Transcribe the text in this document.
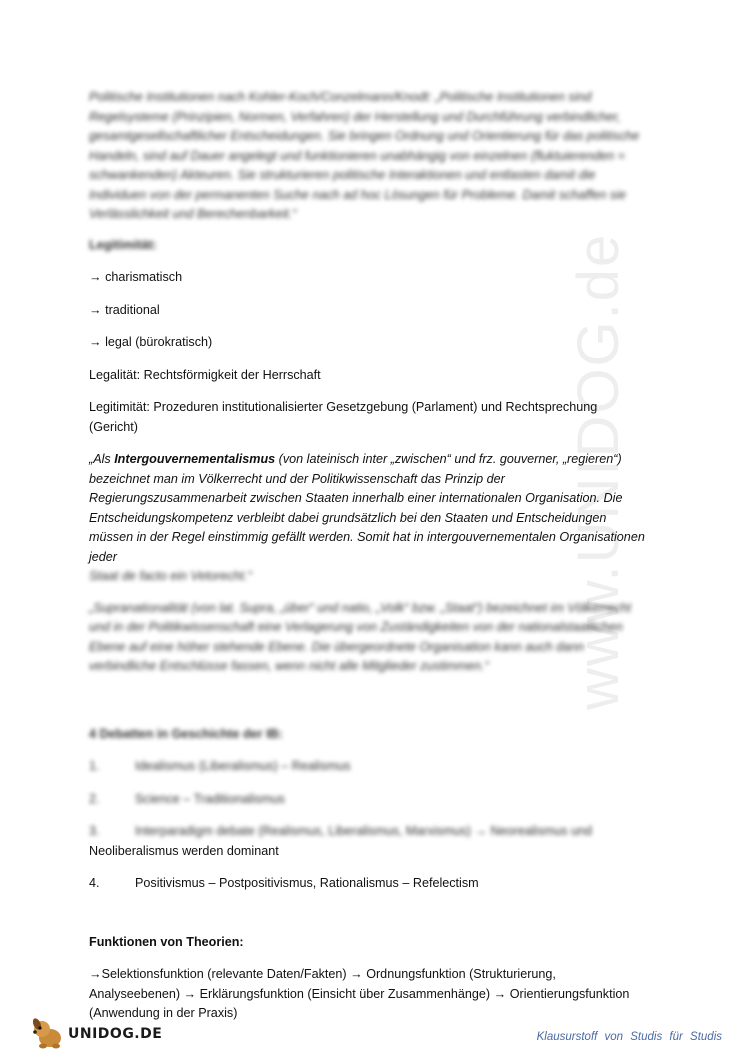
www.UNIDOG.de

Politische Institutionen nach Kohler-Koch/Conzelmann/Knodt: „Politische Institutionen sind Regelsysteme (Prinzipien, Normen, Verfahren) der Herstellung und Durchführung verbindlicher, gesamtgesellschaftlicher Entscheidungen. Sie bringen Ordnung und Orientierung für das politische Handeln, sind auf Dauer angelegt und funktionieren unabhängig von einzelnen (fluktuierenden = schwankenden) Akteuren. Sie strukturieren politische Interaktionen und entlasten damit die Individuen von der permanenten Suche nach ad hoc Lösungen für Probleme. Damit schaffen sie Verlässlichkeit und Berechenbarkeit.“

Legitimität:

→ charismatisch

→ traditional

→ legal (bürokratisch)

Legalität: Rechtsförmigkeit der Herrschaft

Legitimität: Prozeduren institutionalisierter Gesetzgebung (Parlament) und Rechtsprechung (Gericht)

„Als Intergouvernementalismus (von lateinisch inter „zwischen“ und frz. gouverner, „regieren“) bezeichnet man im Völkerrecht und der Politikwissenschaft das Prinzip der Regierungszusammenarbeit zwischen Staaten innerhalb einer internationalen Organisation. Die Entscheidungskompetenz verbleibt dabei grundsätzlich bei den Staaten und Entscheidungen müssen in der Regel einstimmig gefällt werden. Somit hat in intergouvernementalen Organisationen jeder

Staat de facto ein Vetorecht.“

„Supranationalität (von lat. Supra, „über“ und natio, „Volk“ bzw. „Staat“) bezeichnet im Völkerrecht und in der Politikwissenschaft eine Verlagerung von Zuständigkeiten von der nationalstaatlichen Ebene auf eine höher stehende Ebene. Die übergeordnete Organisation kann auch dann verbindliche Entschlüsse fassen, wenn nicht alle Mitglieder zustimmen.“

4 Debatten in Geschichte der IB:

1.	Idealismus (Liberalismus) – Realismus
2.	Science – Traditionalismus
3.	Interparadigm debate (Realismus, Liberalismus, Marxismus) → Neorealismus und

Neoliberalismus werden dominant

4.	Positivismus – Postpositivismus, Rationalismus – Refelectism

Funktionen von Theorien:

→Selektionsfunktion (relevante Daten/Fakten) → Ordnungsfunktion (Strukturierung, Analyseebenen) → Erklärungsfunktion (Einsicht über Zusammenhänge) → Orientierungsfunktion (Anwendung in der Praxis)

UNIDOG.DE	Klausurstoff von Studis für Studis
